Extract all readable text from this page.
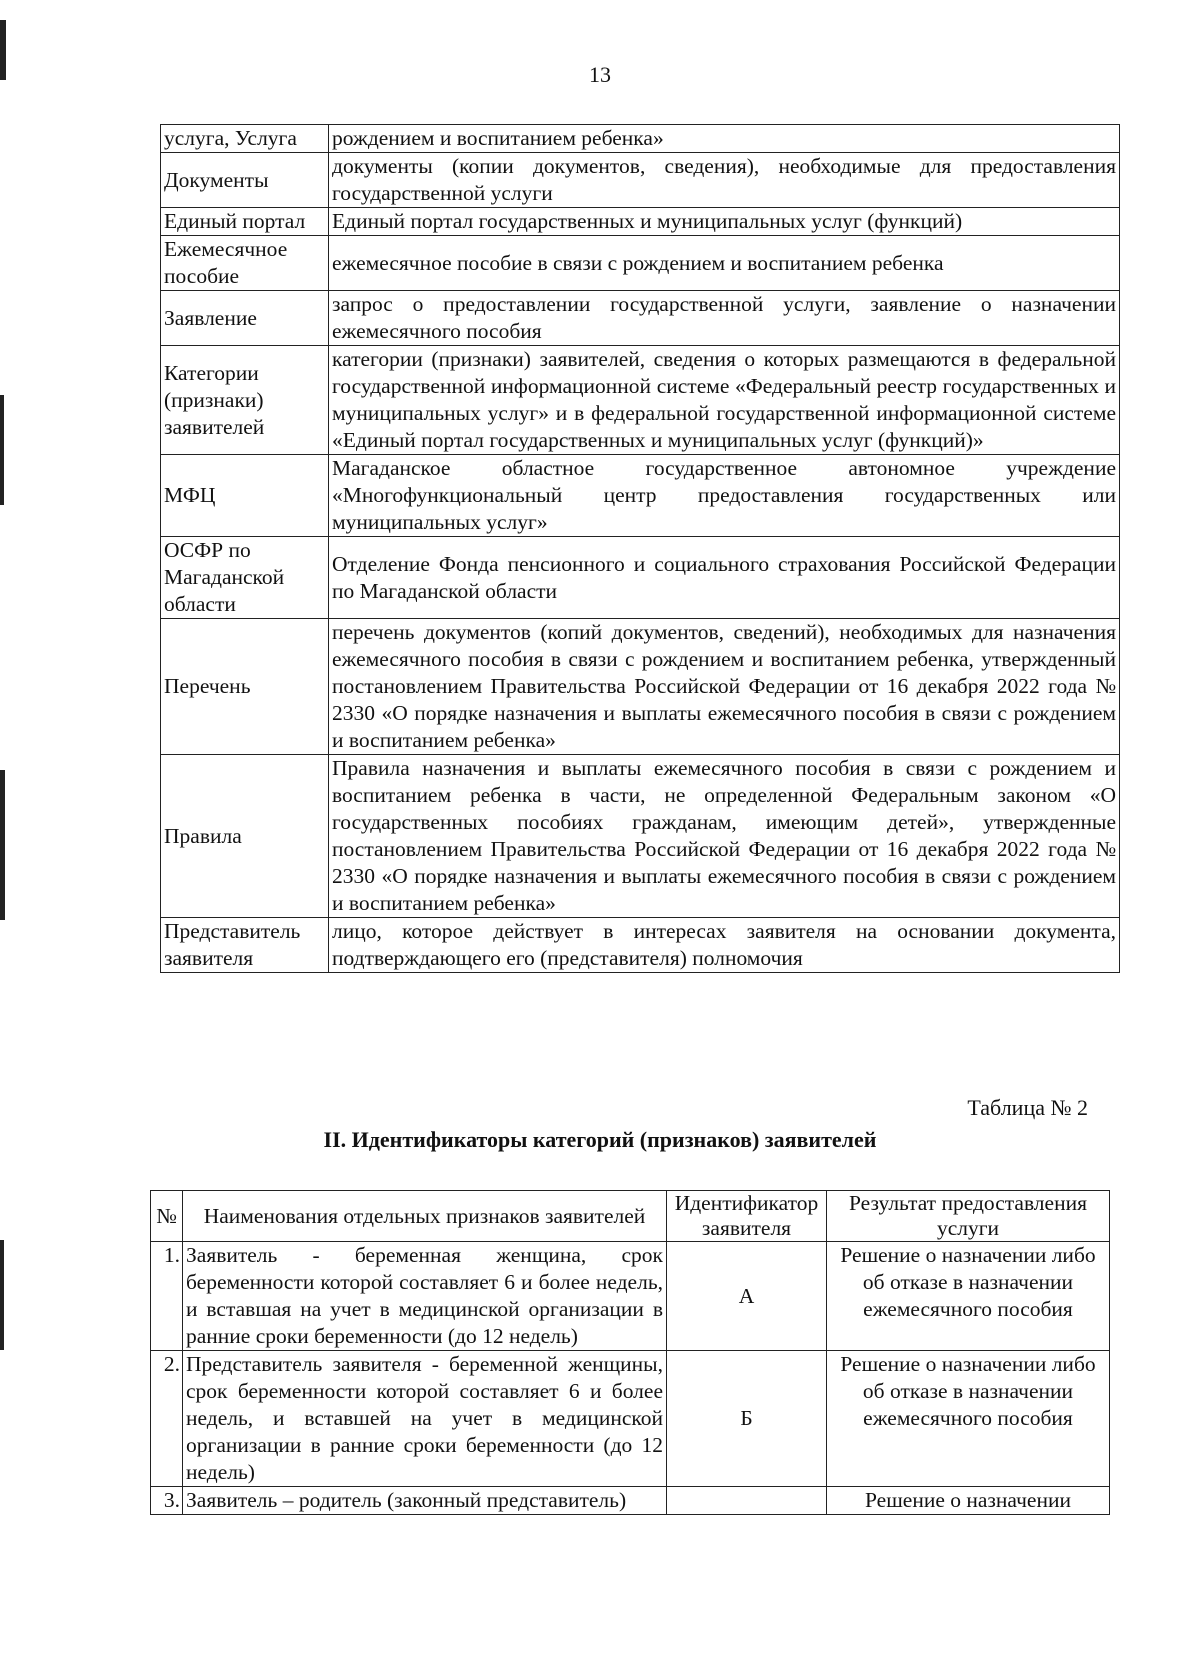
13
услуга, Услуга	рождением и воспитанием ребенка»
Документы	документы (копии документов, сведения), необходимые для предоставления государственной услуги
Единый портал	Единый портал государственных и муниципальных услуг (функций)
Ежемесячное пособие	ежемесячное пособие в связи с рождением и воспитанием ребенка
Заявление	запрос о предоставлении государственной услуги, заявление о назначении ежемесячного пособия
Категории (признаки) заявителей	категории (признаки) заявителей, сведения о которых размещаются в федеральной государственной информационной системе «Федеральный реестр государственных и муниципальных услуг» и в федеральной государственной информационной системе «Единый портал государственных и муниципальных услуг (функций)»
МФЦ	Магаданское областное государственное автономное учреждение «Многофункциональный центр предоставления государственных или муниципальных услуг»
ОСФР по Магаданской области	Отделение Фонда пенсионного и социального страхования Российской Федерации по Магаданской области
Перечень	перечень документов (копий документов, сведений), необходимых для назначения ежемесячного пособия в связи с рождением и воспитанием ребенка, утвержденный постановлением Правительства Российской Федерации от 16 декабря 2022 года № 2330 «О порядке назначения и выплаты ежемесячного пособия в связи с рождением и воспитанием ребенка»
Правила	Правила назначения и выплаты ежемесячного пособия в связи с рождением и воспитанием ребенка в части, не определенной Федеральным законом «О государственных пособиях гражданам, имеющим детей», утвержденные постановлением Правительства Российской Федерации от 16 декабря 2022 года № 2330 «О порядке назначения и выплаты ежемесячного пособия в связи с рождением и воспитанием ребенка»
Представитель заявителя	лицо, которое действует в интересах заявителя на основании документа, подтверждающего его (представителя) полномочия
Таблица № 2
II. Идентификаторы категорий (признаков) заявителей
№	Наименования отдельных признаков заявителей	Идентификатор заявителя	Результат предоставления услуги
1.	Заявитель - беременная женщина, срок беременности которой составляет 6 и более недель, и вставшая на учет в медицинской организации в ранние сроки беременности (до 12 недель)	А	Решение о назначении либо об отказе в назначении ежемесячного пособия
2.	Представитель заявителя - беременной женщины, срок беременности которой составляет 6 и более недель, и вставшей на учет в медицинской организации в ранние сроки беременности (до 12 недель)	Б	Решение о назначении либо об отказе в назначении ежемесячного пособия
3.	Заявитель – родитель (законный представитель)		Решение о назначении
